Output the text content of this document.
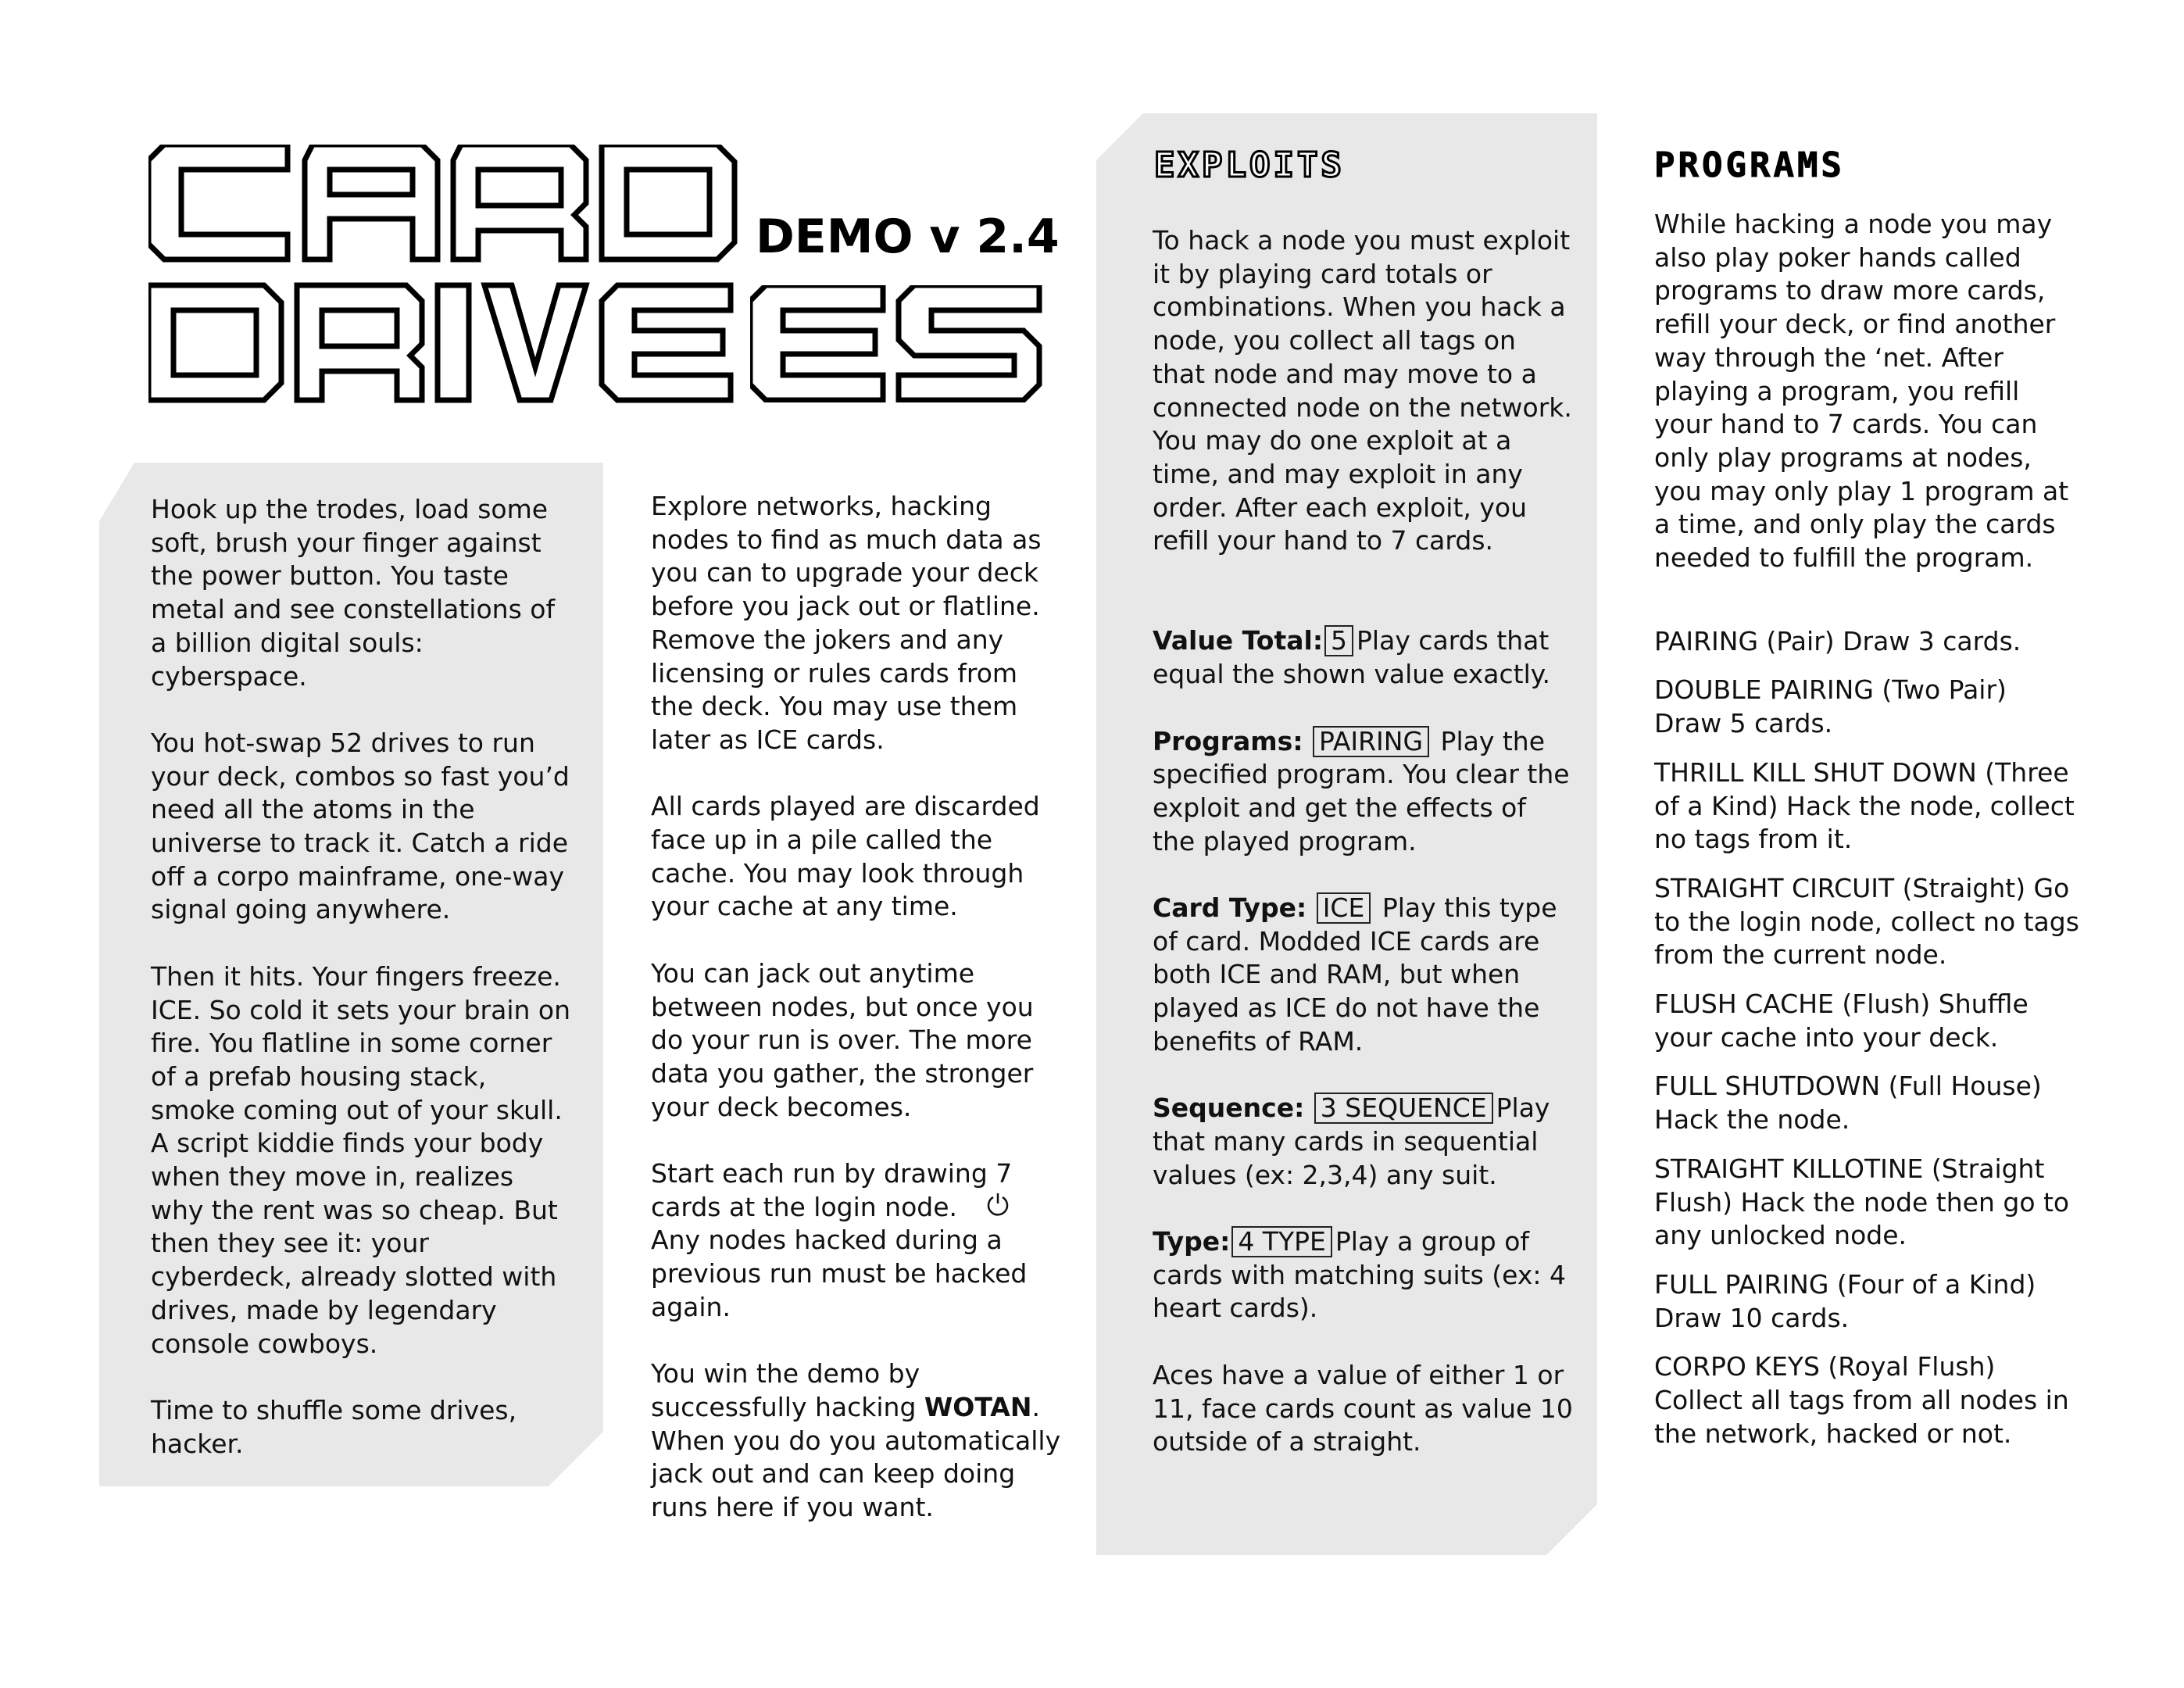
DEMO v 2.4

Hook up the trodes, load some soft, brush your finger against the power button. You taste metal and see constellations of a billion digital souls: cyberspace.

You hot-swap 52 drives to run your deck, combos so fast you’d need all the atoms in the universe to track it. Catch a ride off a corpo mainframe, one-way signal going anywhere.

Then it hits. Your fingers freeze. ICE. So cold it sets your brain on fire. You flatline in some corner of a prefab housing stack, smoke coming out of your skull. A script kiddie finds your body when they move in, realizes why the rent was so cheap. But then they see it: your cyberdeck, already slotted with drives, made by legendary console cowboys.

Time to shuffle some drives, hacker.

Explore networks, hacking nodes to find as much data as you can to upgrade your deck before you jack out or flatline. Remove the jokers and any licensing or rules cards from the deck. You may use them later as ICE cards.

All cards played are discarded face up in a pile called the cache. You may look through your cache at any time.

You can jack out anytime between nodes, but once you do your run is over. The more data you gather, the stronger your deck becomes.

Start each run by drawing 7 cards at the login node.
Any nodes hacked during a previous run must be hacked again.

You win the demo by successfully hacking WOTAN. When you do you automatically jack out and can keep doing runs here if you want.

EXPLOITS

To hack a node you must exploit it by playing card totals or combinations. When you hack a node, you collect all tags on that node and may move to a connected node on the network. You may do one exploit at a time, and may exploit in any order. After each exploit, you refill your hand to 7 cards.

Value Total: 5 Play cards that equal the shown value exactly.

Programs: PAIRING Play the specified program. You clear the exploit and get the effects of the played program.

Card Type: ICE Play this type of card. Modded ICE cards are both ICE and RAM, but when played as ICE do not have the benefits of RAM.

Sequence: 3 SEQUENCE Play that many cards in sequential values (ex: 2,3,4) any suit.

Type: 4 TYPE Play a group of cards with matching suits (ex: 4 heart cards).

Aces have a value of either 1 or 11, face cards count as value 10 outside of a straight.

PROGRAMS

While hacking a node you may also play poker hands called programs to draw more cards, refill your deck, or find another way through the ‘net. After playing a program, you refill your hand to 7 cards. You can only play programs at nodes, you may only play 1 program at a time, and only play the cards needed to fulfill the program.

PAIRING (Pair) Draw 3 cards.

DOUBLE PAIRING (Two Pair) Draw 5 cards.

THRILL KILL SHUT DOWN (Three of a Kind) Hack the node, collect no tags from it.

STRAIGHT CIRCUIT (Straight) Go to the login node, collect no tags from the current node.

FLUSH CACHE (Flush) Shuffle your cache into your deck.

FULL SHUTDOWN (Full House) Hack the node.

STRAIGHT KILLOTINE (Straight Flush) Hack the node then go to any unlocked node.

FULL PAIRING (Four of a Kind) Draw 10 cards.

CORPO KEYS (Royal Flush) Collect all tags from all nodes in the network, hacked or not.
